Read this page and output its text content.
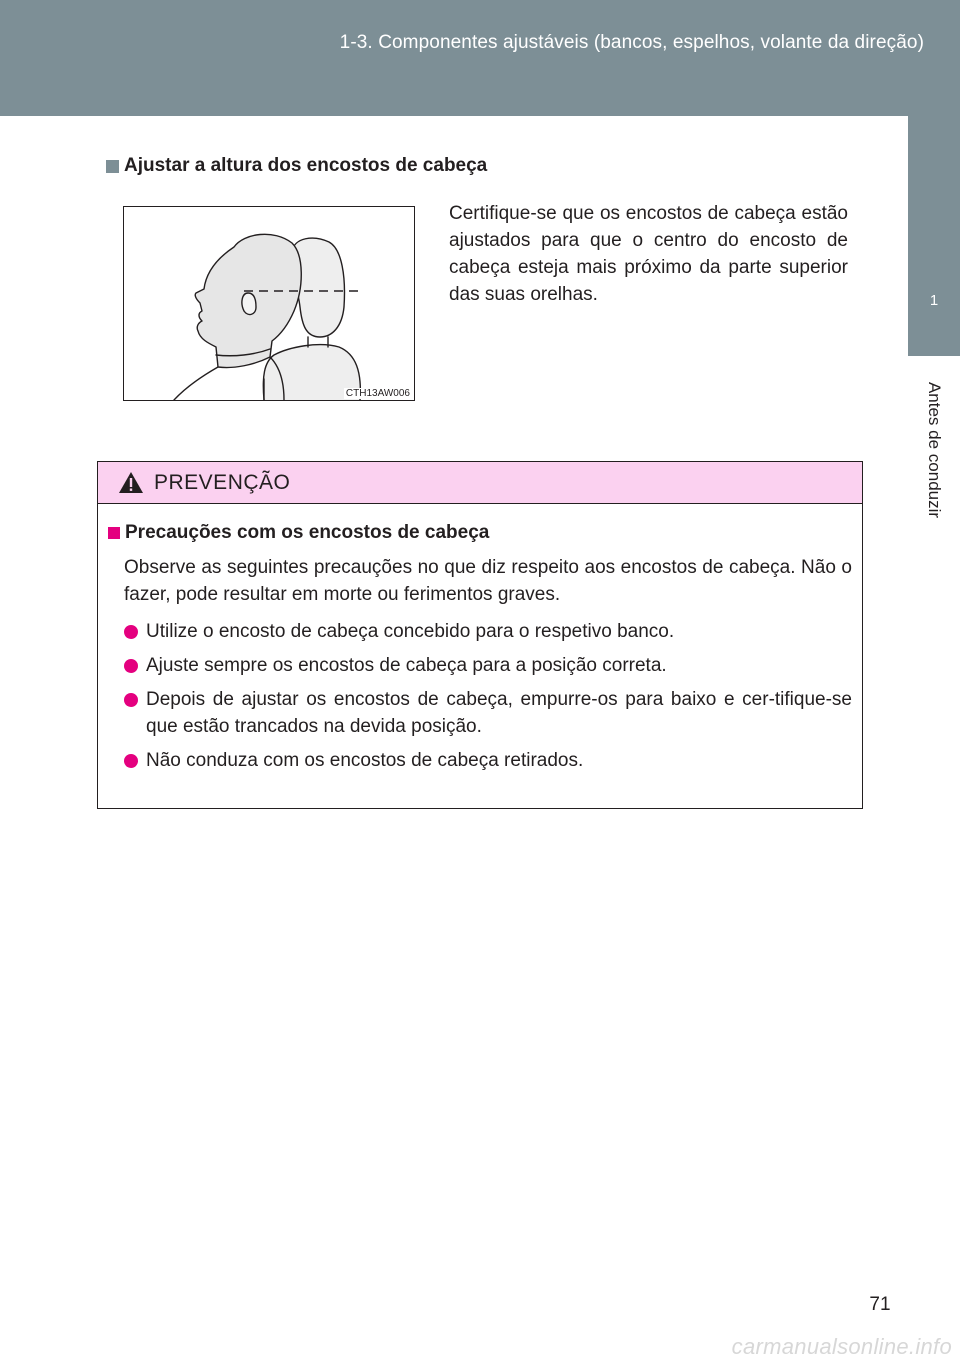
1-3. Componentes ajustáveis (bancos, espelhos, volante da direção)
1
Antes de conduzir
Ajustar a altura dos encostos de cabeça
CTH13AW006
Certifique-se que os encostos de cabeça estão ajustados para que o centro do encosto de cabeça esteja mais próximo da parte superior das suas orelhas.
PREVENÇÃO
Precauções com os encostos de cabeça
Observe as seguintes precauções no que diz respeito aos encostos de cabeça. Não o fazer, pode resultar em morte ou ferimentos graves.
Utilize o encosto de cabeça concebido para o respetivo banco.
Ajuste sempre os encostos de cabeça para a posição correta.
Depois de ajustar os encostos de cabeça, empurre-os para baixo e cer-tifique-se que estão trancados na devida posição.
Não conduza com os encostos de cabeça retirados.
71
carmanualsonline.info
